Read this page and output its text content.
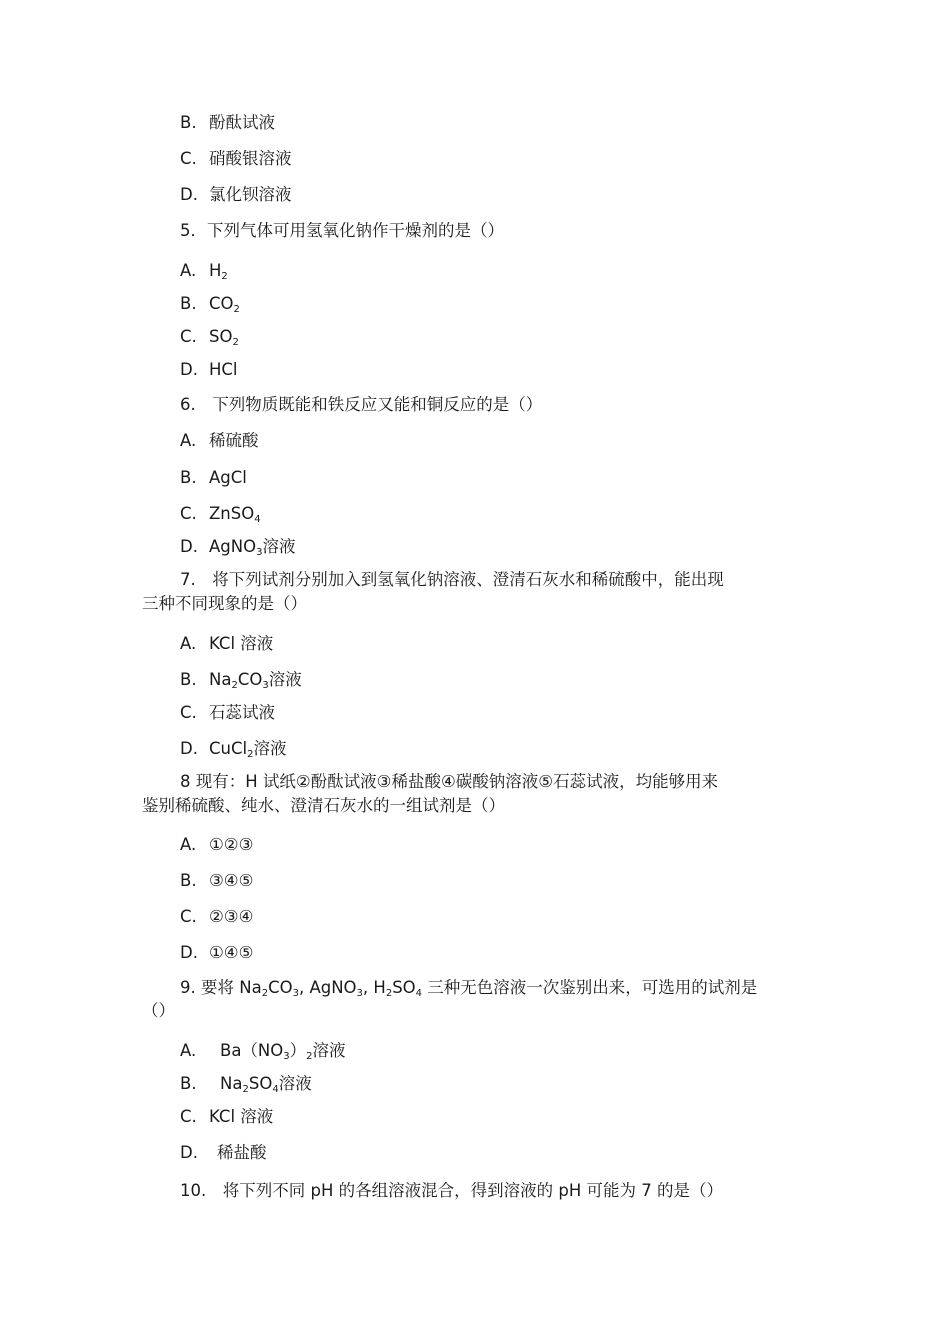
B. 酚酞试液
C. 硝酸银溶液
D. 氯化钡溶液
5．下列气体可用氢氧化钠作干燥剂的是（）
A. $H_2$
B. $CO_2$
C. $SO_2$
D. HCl
6.　下列物质既能和铁反应又能和铜反应的是（）
A. 稀硫酸
B. AgCl
C. ZnSO$_4$
D. AgNO$_3$溶液
7.　将下列试剂分别加入到氢氧化钠溶液、澄清石灰水和稀硫酸中，能出现
三种不同现象的是（）
A. KCl 溶液
B. $Na_2CO_3$溶液
C. 石蕊试液
D. CuCl$_2$溶液
8 现有：H 试纸②酚酞试液③稀盐酸④碳酸钠溶液⑤石蕊试液，均能够用来
鉴别稀硫酸、纯水、澄清石灰水的一组试剂是（）
A. ①②③
B. ③④⑤
C. ②③④
D. ①④⑤
9. 要将 $Na_2CO_3$, AgNO$_3$, $H_2SO_4$ 三种无色溶液一次鉴别出来，可选用的试剂是
（）
A. $Ba(NO_3)_2$溶液
B. $Na_2SO_4$溶液
C. KCl 溶液
D. 稀盐酸
10.　将下列不同 pH 的各组溶液混合，得到溶液的 pH 可能为 7 的是（）
